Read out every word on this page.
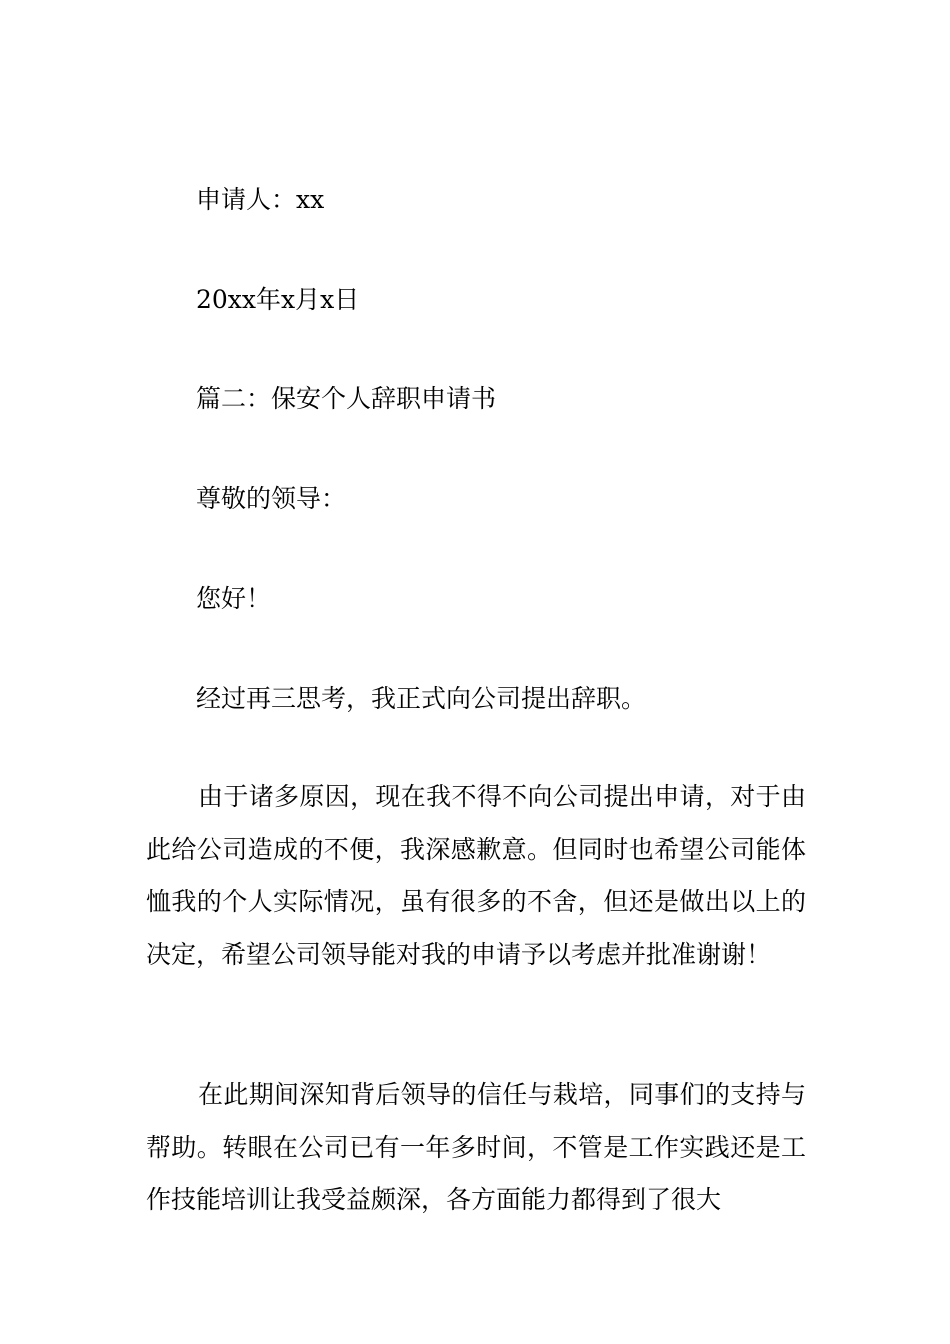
申请人：xx
20xx年x月x日
篇二：保安个人辞职申请书
尊敬的领导：
您好！
经过再三思考，我正式向公司提出辞职。
由于诸多原因，现在我不得不向公司提出申请，对于由此给公司造成的不便，我深感歉意。但同时也希望公司能体恤我的个人实际情况，虽有很多的不舍，但还是做出以上的决定，希望公司领导能对我的申请予以考虑并批准谢谢！
在此期间深知背后领导的信任与栽培，同事们的支持与帮助。转眼在公司已有一年多时间，不管是工作实践还是工作技能培训让我受益颇深，各方面能力都得到了很大
